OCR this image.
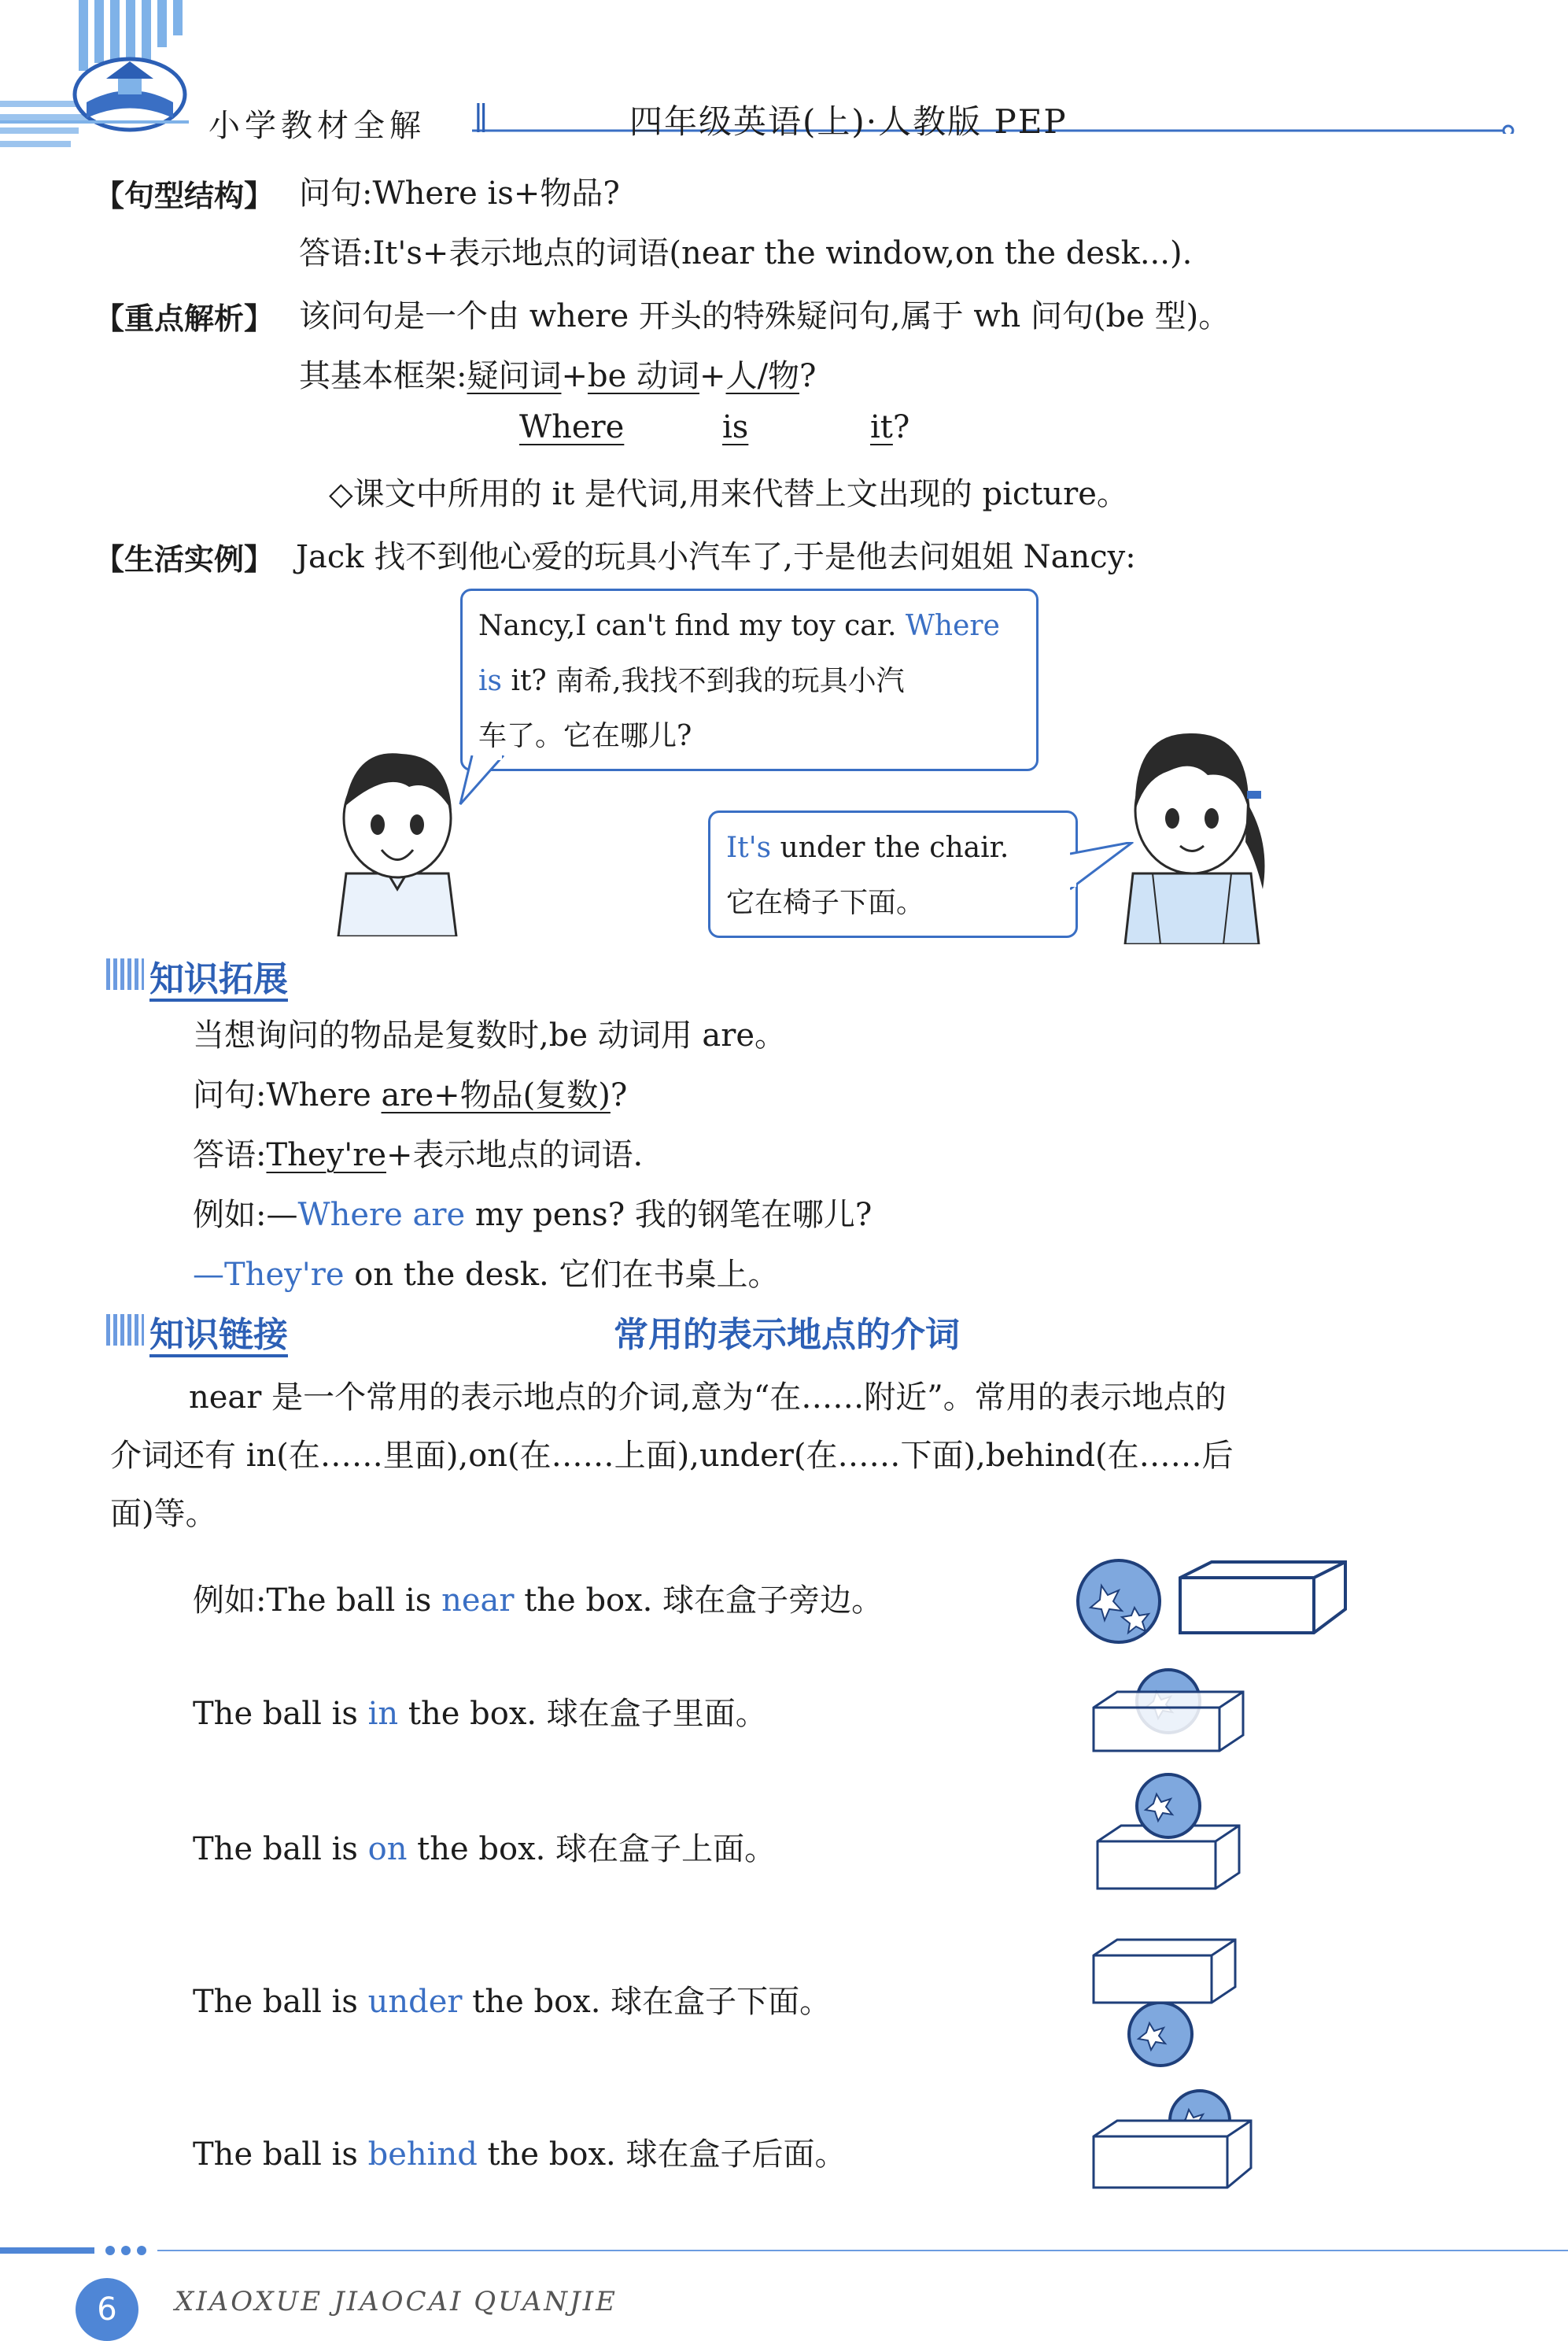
小学教材全解 ∥	四年级英语(上)·人教版 PEP
【句型结构】 问句:Where is+物品?
答语:It's+表示地点的词语(near the window,on the desk...).
【重点解析】 该问句是一个由 where 开头的特殊疑问句,属于 wh 问句(be 型)。
其基本框架:疑问词+be 动词+人/物?
Where	is	it?
◇课文中所用的 it 是代词,用来代替上文出现的 picture。
【生活实例】 Jack 找不到他心爱的玩具小汽车了,于是他去问姐姐 Nancy:
Nancy,I can't find my toy car. Where
is it? 南希,我找不到我的玩具小汽
车了。它在哪儿?
It's under the chair.
它在椅子下面。
知识拓展
当想询问的物品是复数时,be 动词用 are。
问句:Where are+物品(复数)?
答语:They're+表示地点的词语.
例如:—Where are my pens? 我的钢笔在哪儿?
—They're on the desk. 它们在书桌上。
知识链接	常用的表示地点的介词
near 是一个常用的表示地点的介词,意为“在……附近”。常用的表示地点的
介词还有 in(在……里面),on(在……上面),under(在……下面),behind(在……后
面)等。
例如:The ball is near the box. 球在盒子旁边。
The ball is in the box. 球在盒子里面。
The ball is on the box. 球在盒子上面。
The ball is under the box. 球在盒子下面。
The ball is behind the box. 球在盒子后面。
6	XIAOXUE JIAOCAI QUANJIE
